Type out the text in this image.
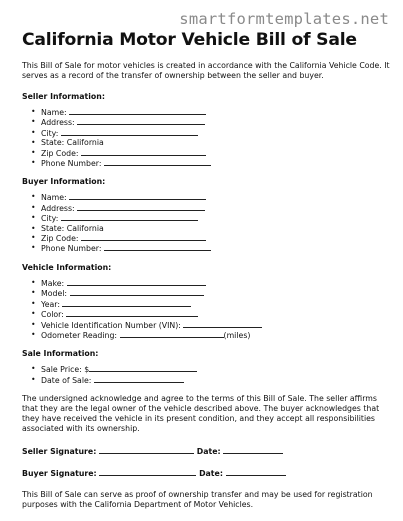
smartformtemplates.net
California Motor Vehicle Bill of Sale

This Bill of Sale for motor vehicles is created in accordance with the California Vehicle Code. It serves as a record of the transfer of ownership between the seller and buyer.

Seller Information:
• Name:
• Address:
• City:
• State: California
• Zip Code:
• Phone Number:
Buyer Information:
• Name:
• Address:
• City:
• State: California
• Zip Code:
• Phone Number:
Vehicle Information:
• Make:
• Model:
• Year:
• Color:
• Vehicle Identification Number (VIN):
• Odometer Reading:	(miles)
Sale Information:
• Sale Price: $
• Date of Sale:

The undersigned acknowledge and agree to the terms of this Bill of Sale. The seller affirms that they are the legal owner of the vehicle described above. The buyer acknowledges that they have received the vehicle in its present condition, and they accept all responsibilities associated with its ownership.

Seller Signature:	Date:
Buyer Signature:	Date:

This Bill of Sale can serve as proof of ownership transfer and may be used for registration purposes with the California Department of Motor Vehicles.
